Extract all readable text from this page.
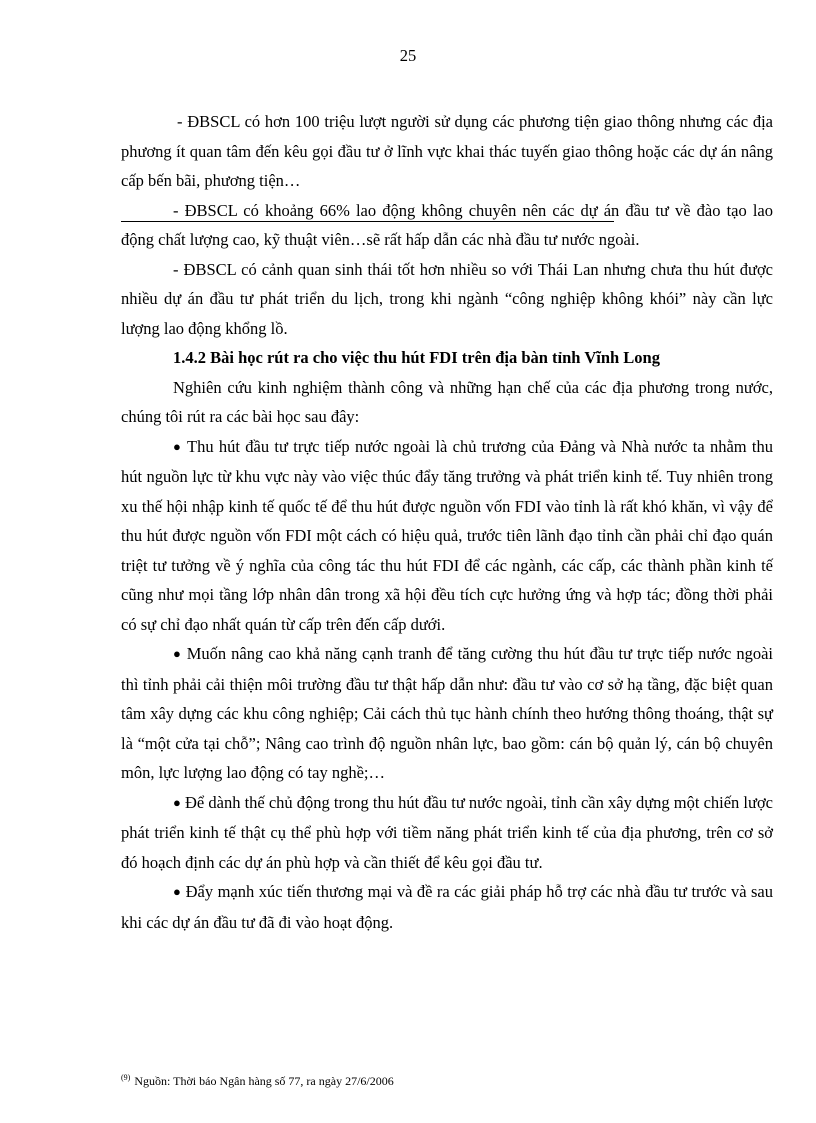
25

- ĐBSCL có hơn 100 triệu lượt người sử dụng các phương tiện giao thông nhưng các địa phương ít quan tâm đến kêu gọi đầu tư ở lĩnh vực khai thác tuyến giao thông hoặc các dự án nâng cấp bến bãi, phương tiện…

- ĐBSCL có khoảng 66% lao động không chuyên nên các dự án đầu tư về đào tạo lao động chất lượng cao, kỹ thuật viên…sẽ rất hấp dẫn các nhà đầu tư nước ngoài.

- ĐBSCL có cảnh quan sinh thái tốt hơn nhiều so với Thái Lan nhưng chưa thu hút được nhiều dự án đầu tư phát triển du lịch, trong khi ngành “công nghiệp không khói” này cần lực lượng lao động khổng lồ.

1.4.2 Bài học rút ra cho việc thu hút FDI trên địa bàn tỉnh Vĩnh Long

Nghiên cứu kinh nghiệm thành công và những hạn chế của các địa phương trong nước, chúng tôi rút ra các bài học sau đây:

● Thu hút đầu tư trực tiếp nước ngoài là chủ trương của Đảng và Nhà nước ta nhằm thu hút nguồn lực từ khu vực này vào việc thúc đẩy tăng trưởng và phát triển kinh tế. Tuy nhiên trong xu thế hội nhập kinh tế quốc tế để thu hút được nguồn vốn FDI vào tỉnh là rất khó khăn, vì vậy để thu hút được nguồn vốn FDI một cách có hiệu quả, trước tiên lãnh đạo tỉnh cần phải chỉ đạo quán triệt tư tưởng về ý nghĩa của công tác thu hút FDI để các ngành, các cấp, các thành phần kinh tế cũng như mọi tầng lớp nhân dân trong xã hội đều tích cực hưởng ứng và hợp tác; đồng thời phải có sự chỉ đạo nhất quán từ cấp trên đến cấp dưới.

● Muốn nâng cao khả năng cạnh tranh để tăng cường thu hút đầu tư trực tiếp nước ngoài thì tỉnh phải cải thiện môi trường đầu tư thật hấp dẫn như: đầu tư vào cơ sở hạ tầng, đặc biệt quan tâm xây dựng các khu công nghiệp; Cải cách thủ tục hành chính theo hướng thông thoáng, thật sự là “một cửa tại chỗ”; Nâng cao trình độ nguồn nhân lực, bao gồm: cán bộ quản lý, cán bộ chuyên môn, lực lượng lao động có tay nghề;…

● Để dành thế chủ động trong thu hút đầu tư nước ngoài, tỉnh cần xây dựng một chiến lược phát triển kinh tế thật cụ thể phù hợp với tiềm năng phát triển kinh tế của địa phương, trên cơ sở đó hoạch định các dự án phù hợp và cần thiết để kêu gọi đầu tư.

● Đẩy mạnh xúc tiến thương mại và đề ra các giải pháp hỗ trợ các nhà đầu tư trước và sau khi các dự án đầu tư đã đi vào hoạt động.

$^{(9)}$ Nguồn: Thời báo Ngân hàng số 77, ra ngày 27/6/2006
